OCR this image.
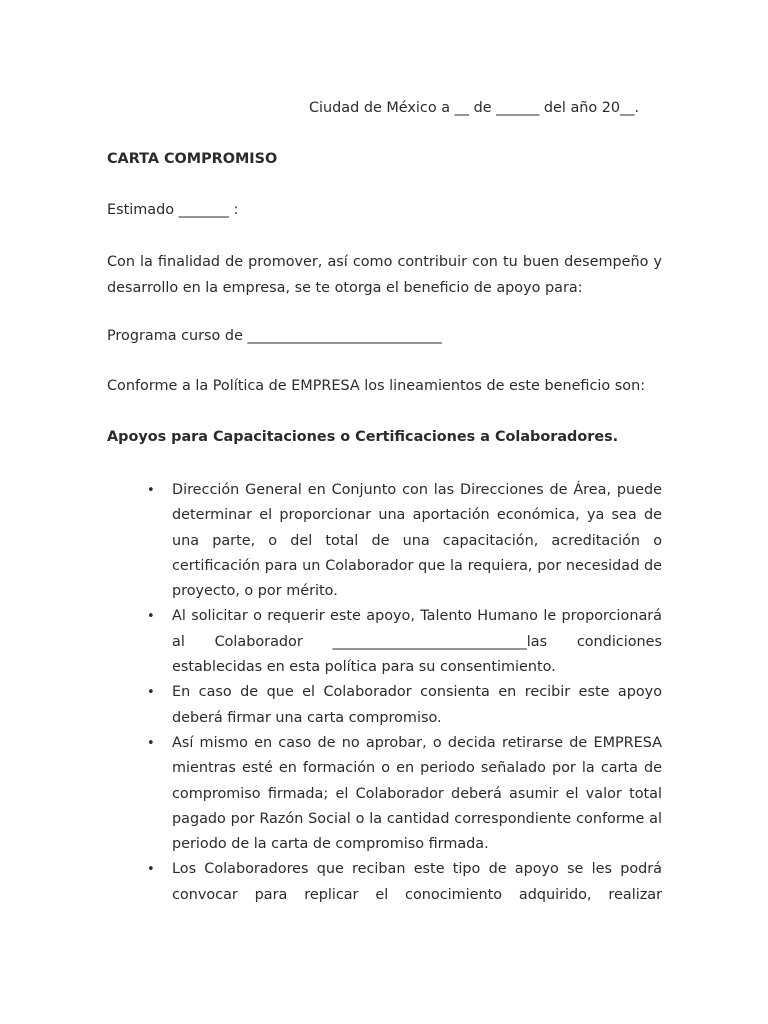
Ciudad de México a __ de ______ del año 20__.
CARTA COMPROMISO
Estimado _______ :
Con la finalidad de promover, así como contribuir con tu buen desempeño y desarrollo en la empresa, se te otorga el beneficio de apoyo para:
Programa curso de ___________________________
Conforme a la Política de EMPRESA los lineamientos de este beneficio son:
Apoyos para Capacitaciones o Certificaciones a Colaboradores.
• Dirección General en Conjunto con las Direcciones de Área, puede determinar el proporcionar una aportación económica, ya sea de una parte, o del total de una capacitación, acreditación o certificación para un Colaborador que la requiera, por necesidad de proyecto, o por mérito.
• Al solicitar o requerir este apoyo, Talento Humano le proporcionará al Colaborador ___________________________las condiciones establecidas en esta política para su consentimiento.
• En caso de que el Colaborador consienta en recibir este apoyo deberá firmar una carta compromiso.
• Así mismo en caso de no aprobar, o decida retirarse de EMPRESA mientras esté en formación o en periodo señalado por la carta de compromiso firmada; el Colaborador deberá asumir el valor total pagado por Razón Social o la cantidad correspondiente conforme al periodo de la carta de compromiso firmada.
• Los Colaboradores que reciban este tipo de apoyo se les podrá convocar para replicar el conocimiento adquirido, realizar
